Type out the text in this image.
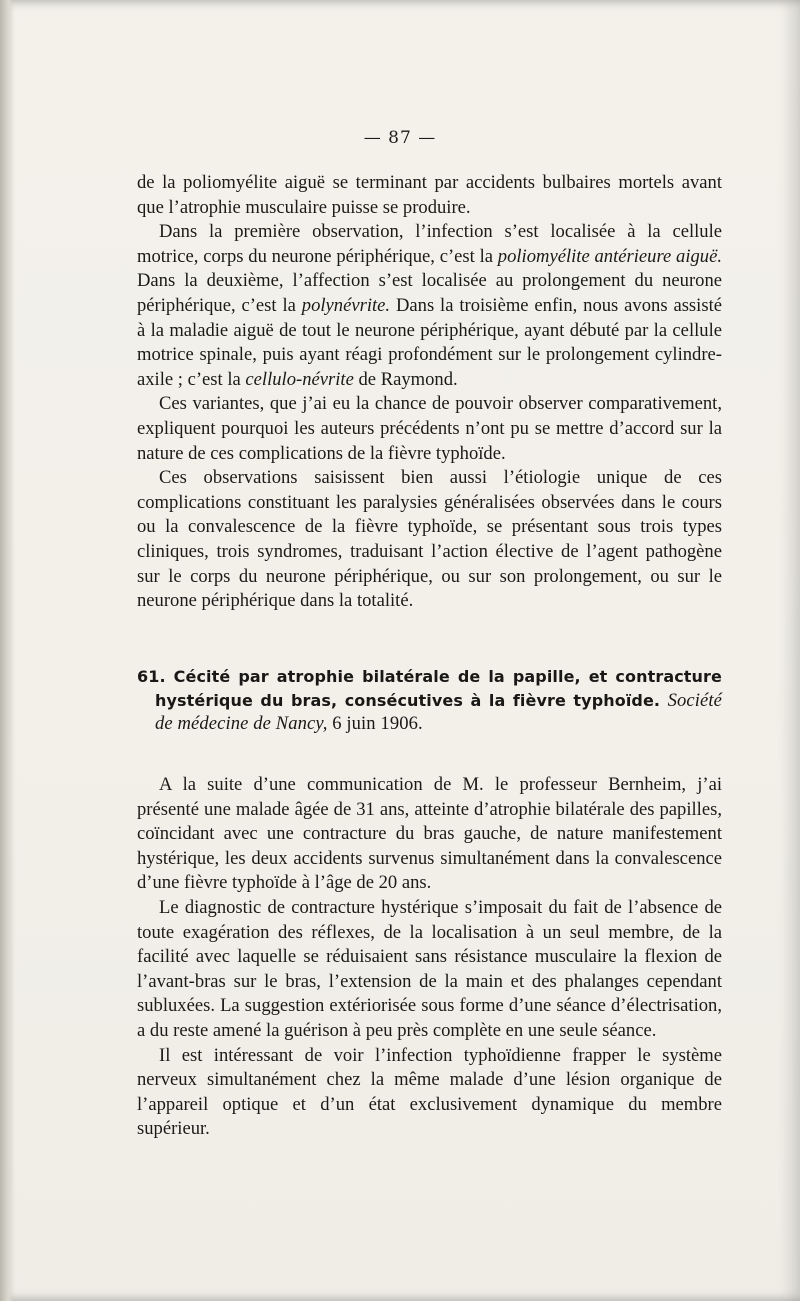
— 87 —

de la poliomyélite aiguë se terminant par accidents bulbaires mortels avant que l’atrophie musculaire puisse se produire.

Dans la première observation, l’infection s’est localisée à la cellule motrice, corps du neurone périphérique, c’est la poliomyélite antérieure aiguë. Dans la deuxième, l’affection s’est localisée au prolongement du neurone périphérique, c’est la polynévrite. Dans la troisième enfin, nous avons assisté à la maladie aiguë de tout le neurone périphérique, ayant débuté par la cellule motrice spinale, puis ayant réagi profondément sur le prolongement cylindre-axile ; c’est la cellulo-névrite de Raymond.

Ces variantes, que j’ai eu la chance de pouvoir observer comparativement, expliquent pourquoi les auteurs précédents n’ont pu se mettre d’accord sur la nature de ces complications de la fièvre typhoïde.

Ces observations saisissent bien aussi l’étiologie unique de ces complications constituant les paralysies généralisées observées dans le cours ou la convalescence de la fièvre typhoïde, se présentant sous trois types cliniques, trois syndromes, traduisant l’action élective de l’agent pathogène sur le corps du neurone périphérique, ou sur son prolongement, ou sur le neurone périphérique dans la totalité.

61. Cécité par atrophie bilatérale de la papille, et contracture hystérique du bras, consécutives à la fièvre typhoïde. Société de médecine de Nancy, 6 juin 1906.

A la suite d’une communication de M. le professeur Bernheim, j’ai présenté une malade âgée de 31 ans, atteinte d’atrophie bilatérale des papilles, coïncidant avec une contracture du bras gauche, de nature manifestement hystérique, les deux accidents survenus simultanément dans la convalescence d’une fièvre typhoïde à l’âge de 20 ans.

Le diagnostic de contracture hystérique s’imposait du fait de l’absence de toute exagération des réflexes, de la localisation à un seul membre, de la facilité avec laquelle se réduisaient sans résistance musculaire la flexion de l’avant-bras sur le bras, l’extension de la main et des phalanges cependant subluxées. La suggestion extériorisée sous forme d’une séance d’électrisation, a du reste amené la guérison à peu près complète en une seule séance.

Il est intéressant de voir l’infection typhoïdienne frapper le système nerveux simultanément chez la même malade d’une lésion organique de l’appareil optique et d’un état exclusivement dynamique du membre supérieur.
